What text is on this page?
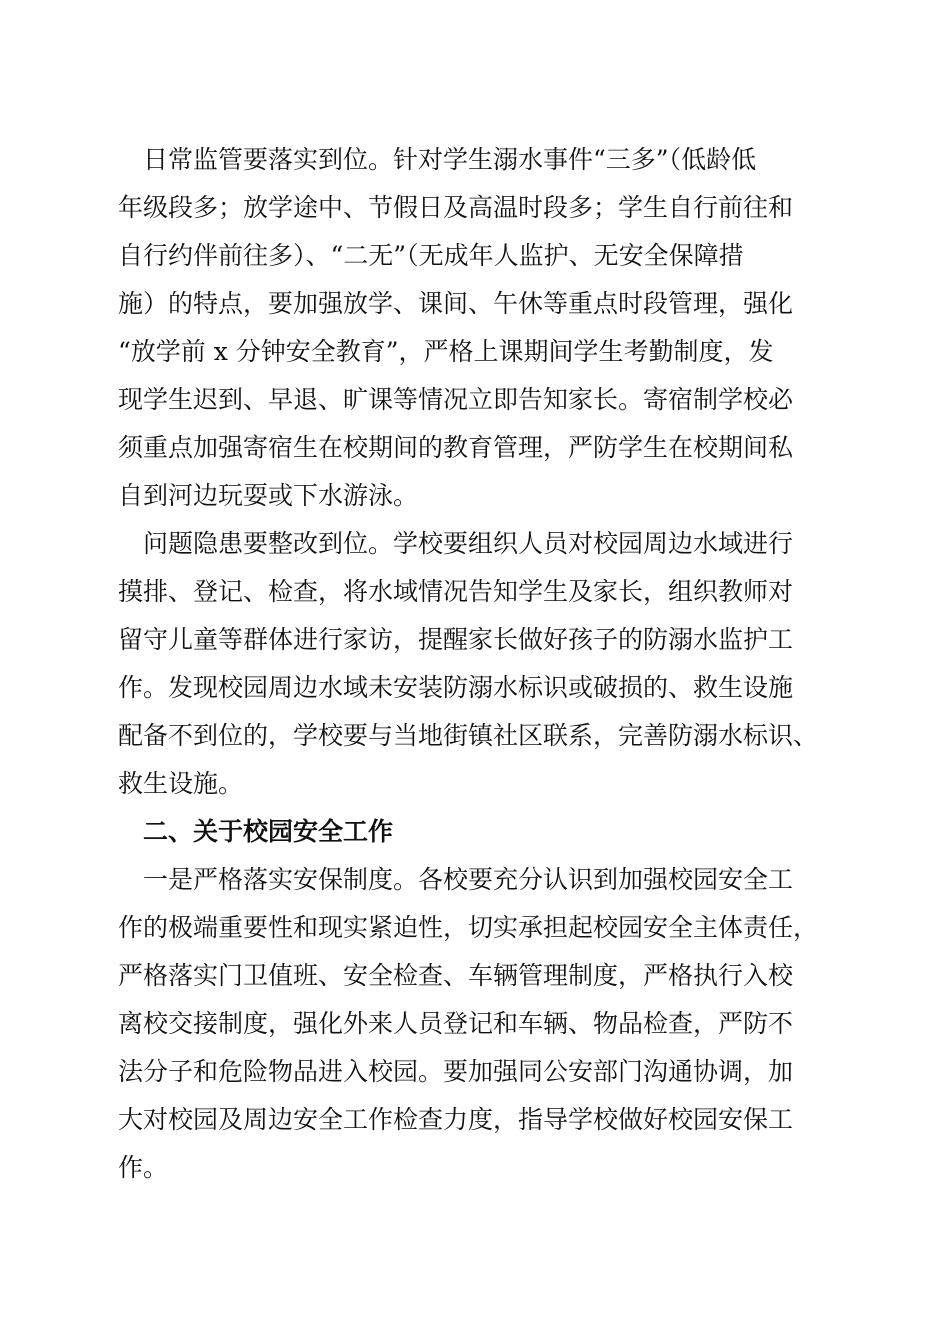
　日常监管要落实到位。针对学生溺水事件“三多”（低龄低
年级段多；放学途中、节假日及高温时段多；学生自行前往和
自行约伴前往多）、“二无”（无成年人监护、无安全保障措
施）的特点，要加强放学、课间、午休等重点时段管理，强化
“放学前 x 分钟安全教育”，严格上课期间学生考勤制度，发
现学生迟到、早退、旷课等情况立即告知家长。寄宿制学校必
须重点加强寄宿生在校期间的教育管理，严防学生在校期间私
自到河边玩耍或下水游泳。
　问题隐患要整改到位。学校要组织人员对校园周边水域进行
摸排、登记、检查，将水域情况告知学生及家长，组织教师对
留守儿童等群体进行家访，提醒家长做好孩子的防溺水监护工
作。发现校园周边水域未安装防溺水标识或破损的、救生设施
配备不到位的，学校要与当地街镇社区联系，完善防溺水标识、
救生设施。
　二、关于校园安全工作
　一是严格落实安保制度。各校要充分认识到加强校园安全工
作的极端重要性和现实紧迫性，切实承担起校园安全主体责任，
严格落实门卫值班、安全检查、车辆管理制度，严格执行入校
离校交接制度，强化外来人员登记和车辆、物品检查，严防不
法分子和危险物品进入校园。要加强同公安部门沟通协调，加
大对校园及周边安全工作检查力度，指导学校做好校园安保工
作。
